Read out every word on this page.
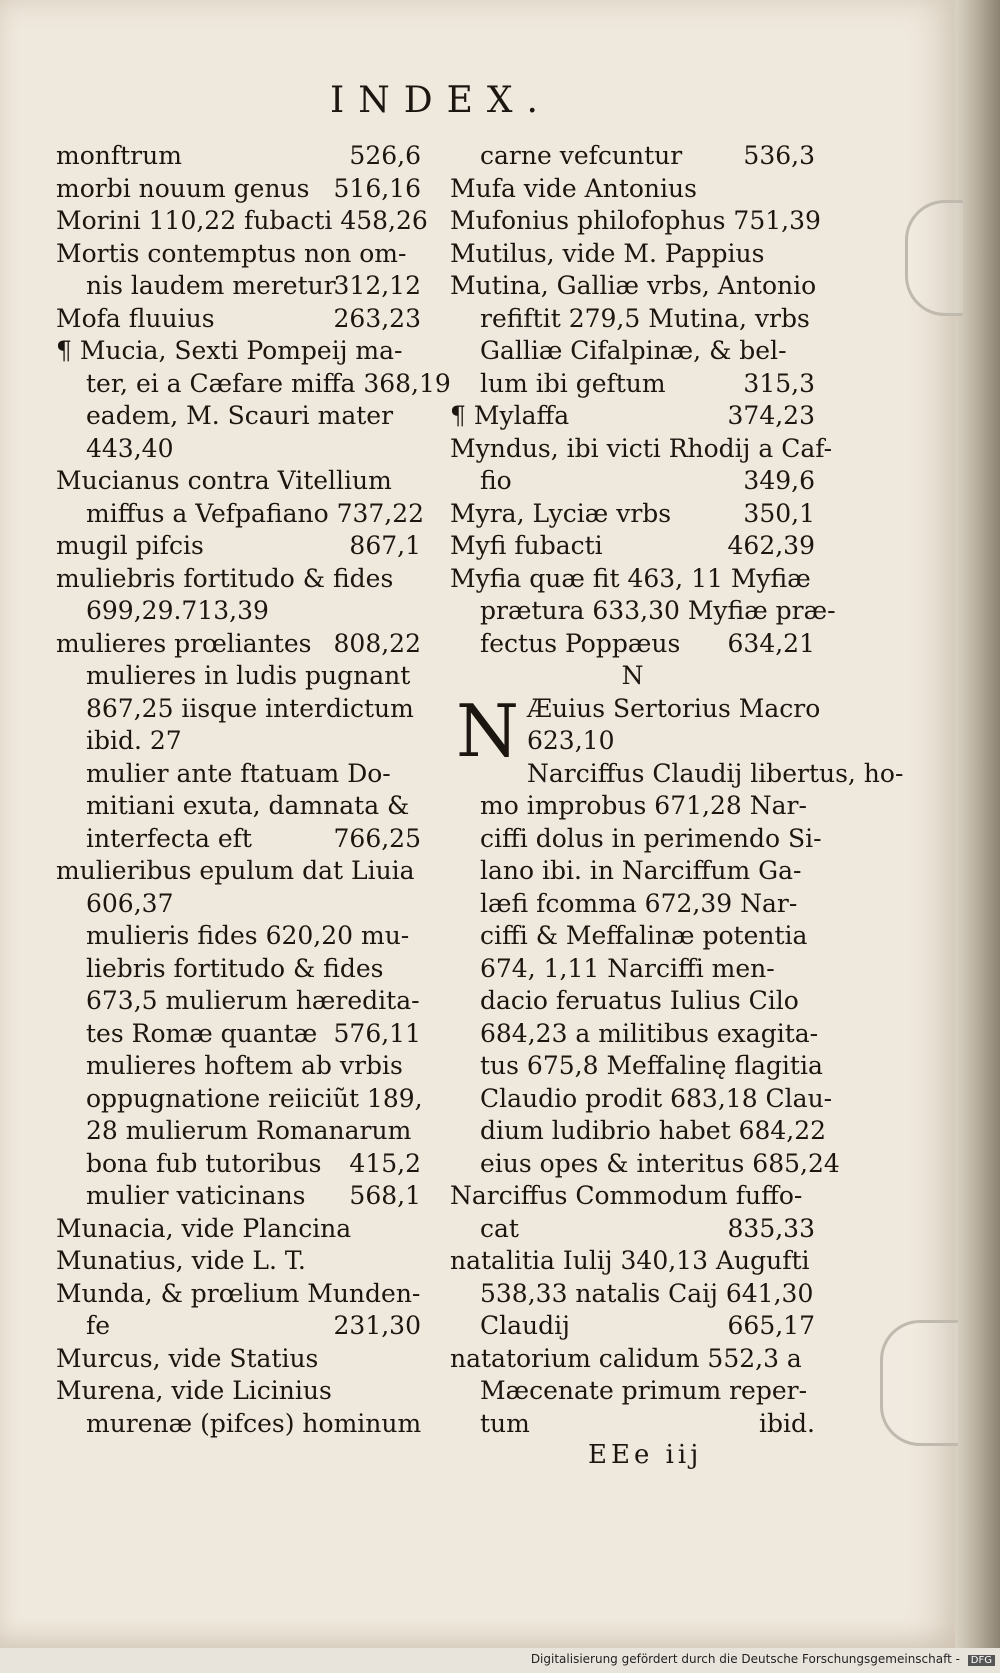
INDEX.
526,6
monftrum
516,16
morbi nouum genus
Morini 110,22 fubacti 458,26
Mortis contemptus non om-
312,12
nis laudem meretur
263,23
Mofa fluuius
¶ Mucia, Sexti Pompeij ma-
ter, ei a Cæfare miffa 368,19
eadem, M. Scauri mater
443,40
Mucianus contra Vitellium
miffus a Vefpafiano 737,22
867,1
mugil pifcis
muliebris fortitudo & fides
699,29.713,39
808,22
mulieres prœliantes
mulieres in ludis pugnant
867,25 iisque interdictum
ibid. 27
mulier ante ftatuam Do-
mitiani exuta, damnata &
766,25
interfecta eft
mulieribus epulum dat Liuia
606,37
mulieris fides 620,20 mu-
liebris fortitudo & fides
673,5 mulierum hæredita-
576,11
tes Romæ quantæ
mulieres hoftem ab vrbis
oppugnatione reiiciũt 189,
28 mulierum Romanarum
415,2
bona fub tutoribus
568,1
mulier vaticinans
Munacia, vide Plancina
Munatius, vide L. T.
Munda, & prœlium Munden-
231,30
fe
Murcus, vide Statius
Murena, vide Licinius
murenæ (pifces) hominum
536,3
carne vefcuntur
Mufa vide Antonius
Mufonius philofophus 751,39
Mutilus, vide M. Pappius
Mutina, Galliæ vrbs, Antonio
refiftit 279,5 Mutina, vrbs
Galliæ Cifalpinæ, & bel-
315,3
lum ibi geftum
374,23
¶ Mylaffa
Myndus, ibi victi Rhodij a Caf-
349,6
fio
350,1
Myra, Lyciæ vrbs
462,39
Myfi fubacti
Myfia quæ fit 463, 11 Myfiæ
prætura 633,30 Myfiæ præ-
634,21
fectus Poppæus
N
N Æuius Sertorius Macro
623,10
Narciffus Claudij libertus, ho-
mo improbus 671,28 Nar-
ciffi dolus in perimendo Si-
lano ibi. in Narciffum Ga-
læfi fcomma 672,39 Nar-
ciffi & Meffalinæ potentia
674, 1,11 Narciffi men-
dacio feruatus Iulius Cilo
684,23 a militibus exagita-
tus 675,8 Meffalinę flagitia
Claudio prodit 683,18 Clau-
dium ludibrio habet 684,22
eius opes & interitus 685,24
Narciffus Commodum fuffo-
835,33
cat
natalitia Iulij 340,13 Augufti
538,33 natalis Caij 641,30
665,17
Claudij
natatorium calidum 552,3 a
Mæcenate primum reper-
ibid.
tum
EEe iij
Digitalisierung gefördert durch die Deutsche Forschungsgemeinschaft - DFG
